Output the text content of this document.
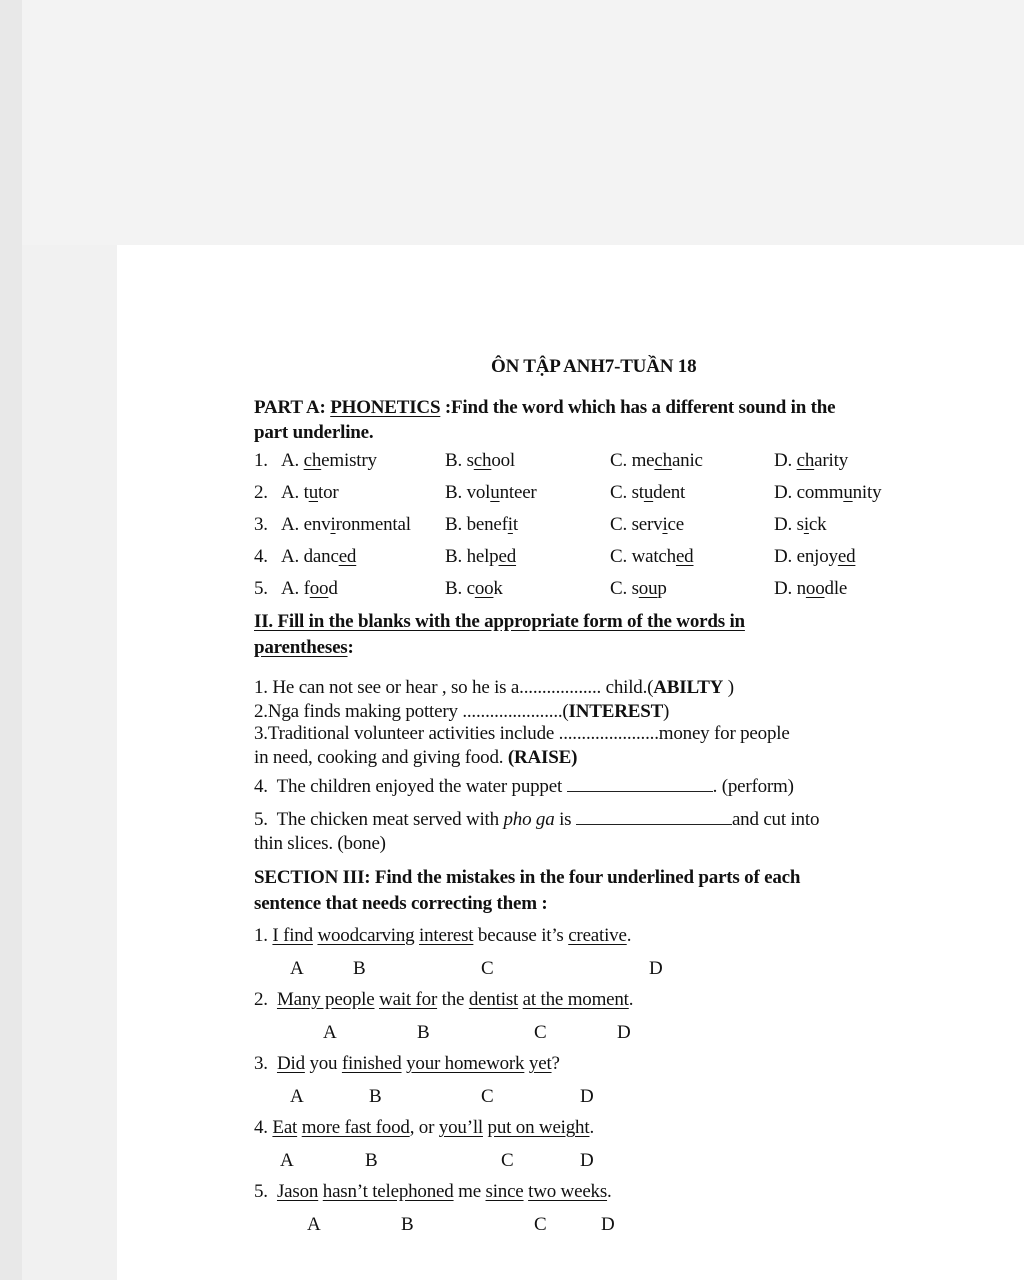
ÔN TẬP ANH7-TUẦN 18
PART A: PHONETICS :Find the word which has a different sound in the
part underline.
1. A. chemistry	B. school	C. mechanic	D. charity
2. A. tutor	B. volunteer	C. student	D. community
3. A. environmental B. benefit	C. service	D. sick
4. A. danced	B. helped	C. watched	D. enjoyed
5. A. food	B. cook	C. soup	D. noodle
II. Fill in the blanks with the appropriate form of the words in
parentheses:
1. He can not see or hear , so he is a.................. child.(ABILTY )
2.Nga finds making pottery ......................(INTEREST)
3.Traditional volunteer activities include ......................money for people
in need, cooking and giving food. (RAISE)
4. The children enjoyed the water puppet	. (perform)
5. The chicken meat served with pho ga is	and cut into
thin slices. (bone)
SECTION III: Find the mistakes in the four underlined parts of each
sentence that needs correcting them :
1. I find woodcarving interest because it’s creative.
A	B	C	D
2. Many people wait for the dentist at the moment.
A	B	C	D
3. Did you finished your homework yet?
A	B	C	D
4. Eat more fast food, or you’ll put on weight.
A	B	C	D
5. Jason hasn’t telephoned me since two weeks.
A	B	C	D
